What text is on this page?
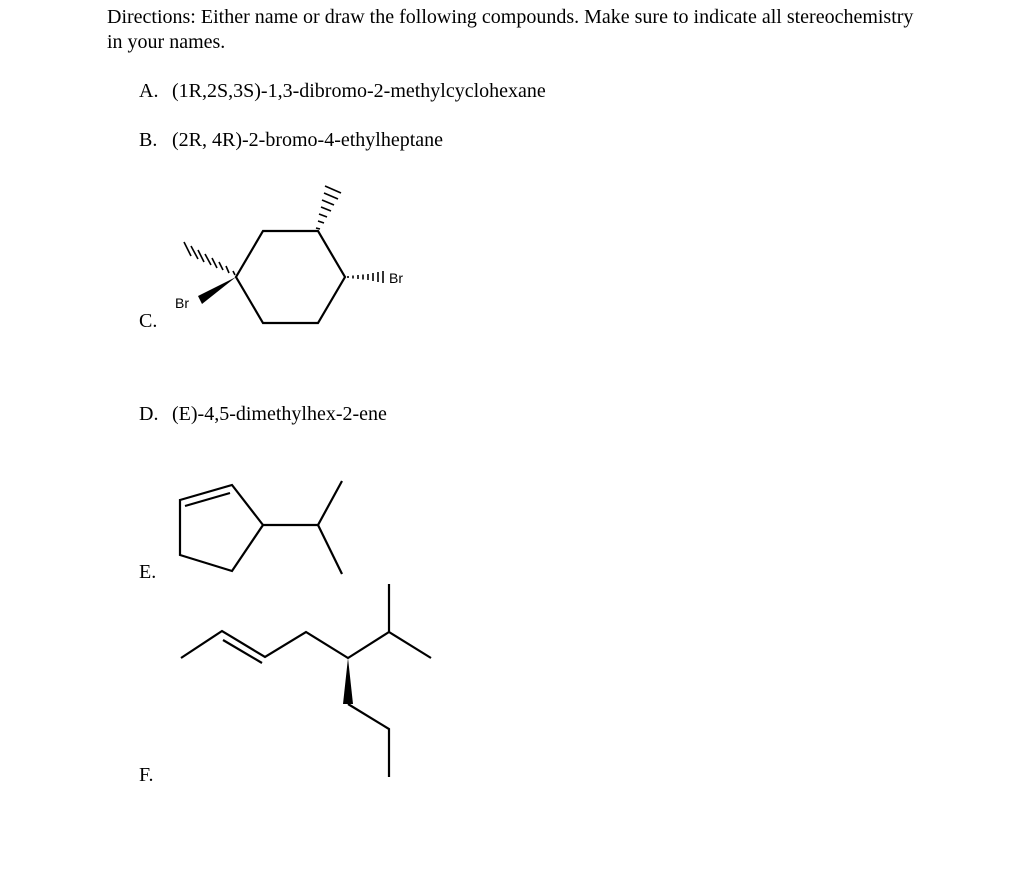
Directions: Either name or draw the following compounds. Make sure to indicate all stereochemistry in your names.

A. (1R,2S,3S)-1,3-dibromo-2-methylcyclohexane
B. (2R, 4R)-2-bromo-4-ethylheptane
C.
D. (E)-4,5-dimethylhex-2-ene
E.
F.
Br
Br
